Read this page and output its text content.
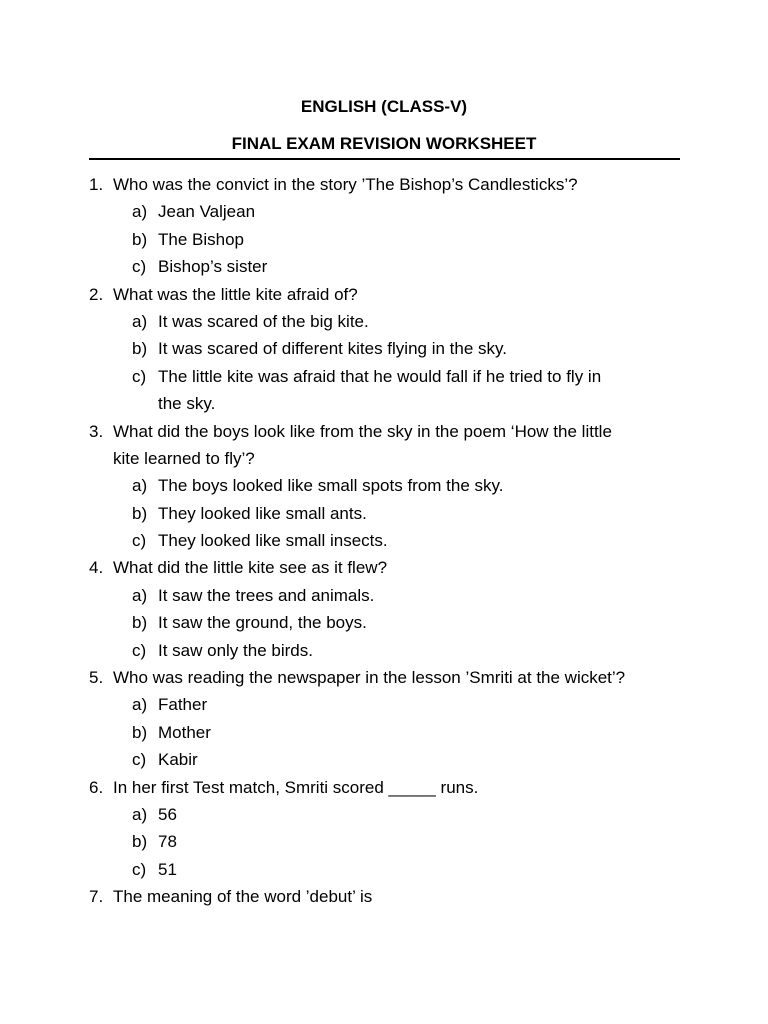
ENGLISH (CLASS-V)
FINAL EXAM REVISION WORKSHEET
1. Who was the convict in the story ’The Bishop’s Candlesticks’?
a) Jean Valjean
b) The Bishop
c) Bishop’s sister
2. What was the little kite afraid of?
a) It was scared of the big kite.
b) It was scared of different kites flying in the sky.
c) The little kite was afraid that he would fall if he tried to fly in
the sky.
3. What did the boys look like from the sky in the poem ‘How the little
kite learned to fly’?
a) The boys looked like small spots from the sky.
b) They looked like small ants.
c) They looked like small insects.
4. What did the little kite see as it flew?
a) It saw the trees and animals.
b) It saw the ground, the boys.
c) It saw only the birds.
5. Who was reading the newspaper in the lesson ’Smriti at the wicket’?
a) Father
b) Mother
c) Kabir
6. In her first Test match, Smriti scored _____ runs.
a) 56
b) 78
c) 51
7. The meaning of the word ’debut’ is
